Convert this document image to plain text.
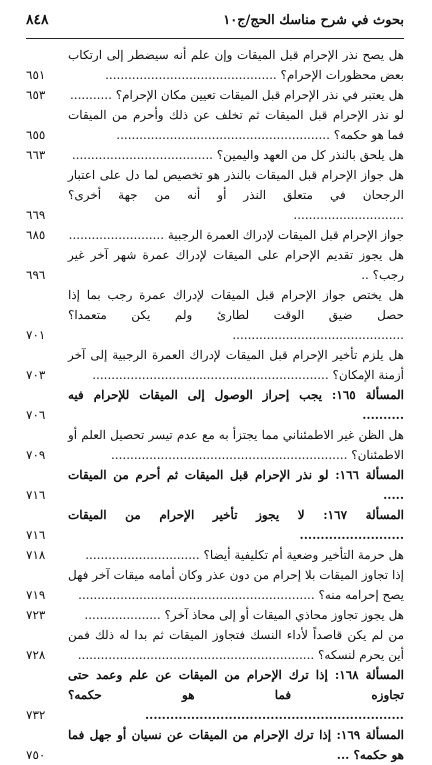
بحوث في شرح مناسك الحج/ج١٠
٨٤٨
هل يصح نذر الإحرام قبل الميقات وإن علم أنه سيضطر إلى ارتكاب بعض محظورات الإحرام؟ .............................................
٦٥١
هل يعتبر في نذر الإحرام قبل الميقات تعيين مكان الإحرام؟ ...........
٦٥٣
لو نذر الإحرام قبل الميقات ثم تخلف عن ذلك وأحرم من الميقات فما هو حكمه؟ ........................................................
٦٥٥
هل يلحق بالنذر كل من العهد واليمين؟ .....................................
٦٦٣
هل جواز الإحرام قبل الميقات بالنذر هو تخصيص لما دل على اعتبار الرجحان في متعلق النذر أو أنه من جهة أخرى؟ .............................
٦٦٩
جواز الإحرام قبل الميقات لإدراك العمرة الرجبية .........................
٦٨٥
هل يجوز تقديم الإحرام على الميقات لإدراك عمرة شهر آخر غير رجب؟ ..
٦٩٦
هل يختص جواز الإحرام قبل الميقات لإدراك عمرة رجب بما إذا حصل ضيق الوقت لطارئ ولم يكن متعمدا؟ .............................................
٧٠١
هل يلزم تأخير الإحرام قبل الميقات لإدراك العمرة الرجبية إلى آخر أزمنة الإمكان؟ ..............................................................
٧٠٣
المسألة ١٦٥: يجب إحراز الوصول إلى الميقات للإحرام فيه ..........
٧٠٦
هل الظن غير الاطمئناني مما يجتزأ به مع عدم تيسر تحصيل العلم أو الاطمئنان؟ ..............................................................
٧٠٩
المسألة ١٦٦: لو نذر الإحرام قبل الميقات ثم أحرم من الميقات .....
٧١٦
المسألة ١٦٧: لا يجوز تأخير الإحرام من الميقات .........................
٧١٦
هل حرمة التأخير وضعية أم تكليفية أيضا؟ ..............................
٧١٨
إذا تجاوز الميقات بلا إحرام من دون عذر وكان أمامه ميقات آخر فهل يصح إحرامه منه؟ ..............................................................
٧١٩
هل يجوز تجاوز محاذي الميقات أو إلى محاذ آخر؟ ....................
٧٢٣
من لم يكن قاصداً لأداء النسك فتجاوز الميقات ثم بدا له ذلك فمن أين يحرم لنسكه؟ ..............................................................
٧٢٨
المسألة ١٦٨: إذا ترك الإحرام من الميقات عن علم وعمد حتى تجاوزه فما هو حكمه؟ ..............................................................
٧٣٢
المسألة ١٦٩: إذا ترك الإحرام من الميقات عن نسيان أو جهل فما هو حكمه؟ ...
٧٥٠
